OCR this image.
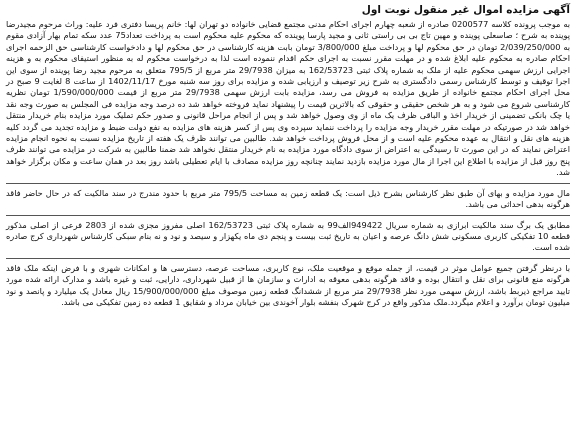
آگهی مزایده اموال غیر منقول نوبت اول

به موجب پرونده کلاسه 0200577 صادره از شعبه چهارم اجرای احکام مدنی مجتمع قضایی خانواده دو تهران لها: خانم پریسا دفتری فرد علیه: وراث مرحوم مجیدرضا پوینده به شرح ؛ صاسعلی پوینده و مهین تاج بی بی راستی ثانی و مجید پارسا پوینده که محکوم علیه محکوم است به پرداخت تعداد75 عدد سکه تمام بهار آزادی مقوم به 2/039/250/000 تومان در حق محکوم لها و پرداخت مبلغ 3/800/000 تومان بابت هزینه کارشناسی در حق محکوم لها و دادخواست کارشناسی حق الزحمه اجرای احکام صادره به محکوم علیه ابلاغ شده و در مهلت مقرر نسبت به اجرای حکم اقدام ننموده است لذا به درخواست محکوم له به منظور استیفای محکوم به و هزینه اجرایی ارزش سهمی محکوم علیه از ملک به شماره پلاک ثبتی 162/53723 به میزان 29/7938 متر مربع از 795/5 متعلق به مرحوم مجید رضا پوینده از سوی این اجرا توقیف و توسط کارشناس رسمی دادگستری به شرح زیر توصیف و ارزیابی شده و مزایده برای روز سه شنبه مورخ 1402/11/17 از ساعت 8 لغایت 9 صبح در محل اجرای احکام مجتمع خانواده از طریق مزایده به فروش می رسد، مزایده بابت ارزش سهمی 29/7938 متر مربع از قیمت 1/590/000/000 تومان نظریه کارشناسی شروع می شود و به هر شخص حقیقی و حقوقی که بالاترین قیمت را پیشنهاد نماید فروخته خواهد شد ده درصد وجه مزایده فی المجلس به صورت وجه نقد یا چک بانکی تضمینی از خریدار اخذ و الباقی ظرف یک ماه از وی وصول خواهد شد و پس از انجام مراحل قانونی و صدور حکم تملیک مورد مزایده بنام خریدار منتقل خواهد شد در صورتیکه در مهلت مقرر خریدار وجه مزایده را پرداخت ننماید سپرده وی پس از کسر هزینه های مزایده به نفع دولت ضبط و مزایده تجدید می گردد کلیه هزینه های نقل و انتقال به عهده محکوم علیه است و از محل فروش پرداخت خواهد شد. طالبین می توانند ظرف یک هفته از تاریخ مزایده نسبت به نحوه انجام مزایده اعتراض نمایند که در این صورت تا رسیدگی به اعتراض از سوی دادگاه مورد مزایده به نام خریدار منتقل نخواهد شد ضمنا طالبین به شرکت در مزایده می توانند ظرف پنج روز قبل از مزایده با اطلاع این اجرا از مال مورد مزایده بازدید نمایند چنانچه روز مزایده مصادف با ایام تعطیلی باشد روز بعد در همان ساعت و مکان برگزار خواهد شد.

مال مورد مزایده و بهای آن طبق نظر کارشناس بشرح ذیل است: یک قطعه زمین به مساحت 795/5 متر مربع با حدود مندرج در سند مالکیت که در حال حاضر فاقد هرگونه بدهی احداثی می باشد.

مطابق یک برگ سند مالکیت ابرازی به شماره سریال 949422الف99 به شماره پلاک ثبتی 162/53723 اصلی مفروز مجزی شده از 2803 فرعی از اصلی مذکور قطعه 10 تفکیکی کاربری مسکونی شش دانگ عرصه و اعیان به تاریخ ثبت بیست و پنجم دی ماه یکهزار و سیصد و نود و نه بنام سبکی کارشناس شهرداری کرج صادره شده است.

با درنظر گرفتن جمیع عوامل موثر در قیمت، از جمله موقع و موقعیت ملک، نوع کاربری، مساحت عرصه، دسترسی ها و امکانات شهری و با فرض اینکه ملک فاقد هرگونه منع قانونی برای نقل و انتقال بوده و فاقد هرگونه بدهی معوقه به ادارات و سازمان ها از قبیل شهرداری، دارایی، ثبت و غیره باشد و مدارک ارائه شده مورد تایید مراجع ذیربط باشد، ارزش سهمی مورد نظر 29/7938 متر مربع از ششدانگ قطعه زمین موصوف مبلغ 15/900/000/000 ریال معادل یک میلیارد و پانصد و نود میلیون تومان برآورد و اعلام میگردد.ملک مذکور واقع در کرج شهرک بنفشه بلوار آخوندی بین خیابان مرداد و شقایق 1 قطعه ده زمین تفکیکی می باشد.
